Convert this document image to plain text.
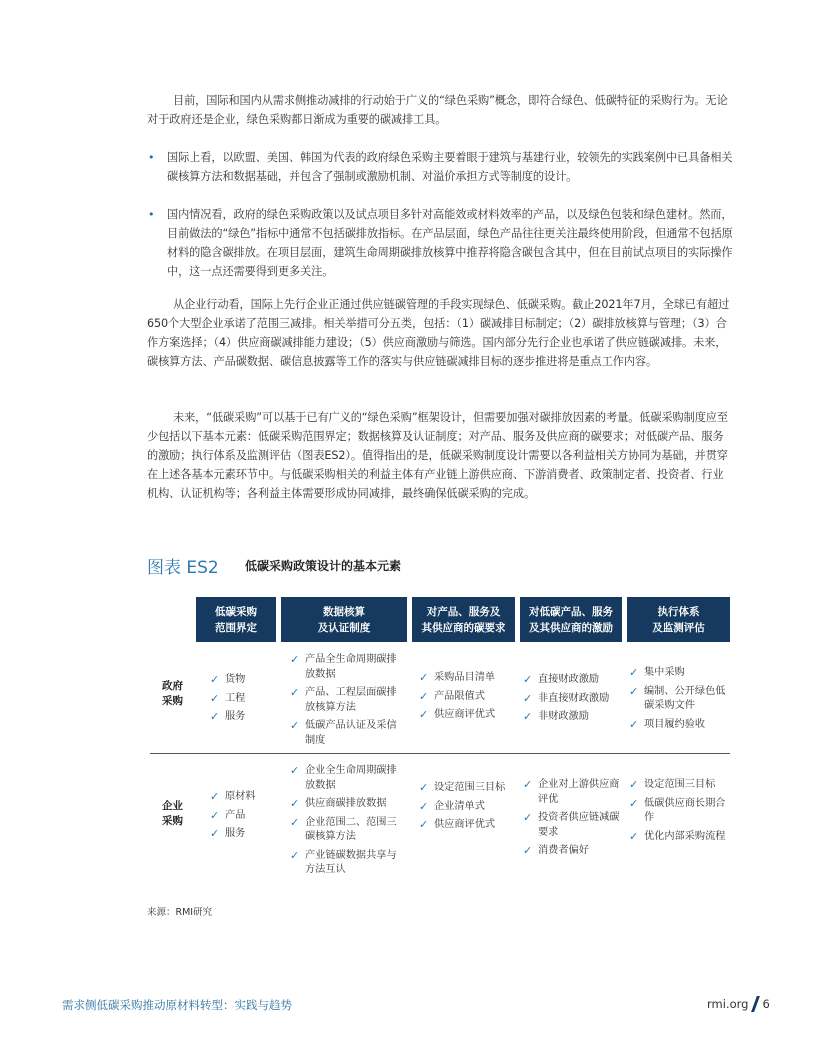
目前，国际和国内从需求侧推动减排的行动始于广义的“绿色采购”概念，即符合绿色、低碳特征的采购行为。无论对于政府还是企业，绿色采购都日渐成为重要的碳减排工具。

• 国际上看，以欧盟、美国、韩国为代表的政府绿色采购主要着眼于建筑与基建行业，较领先的实践案例中已具备相关碳核算方法和数据基础，并包含了强制或激励机制、对溢价承担方式等制度的设计。

• 国内情况看，政府的绿色采购政策以及试点项目多针对高能效或材料效率的产品，以及绿色包装和绿色建材。然而，目前做法的“绿色”指标中通常不包括碳排放指标。在产品层面，绿色产品往往更关注最终使用阶段，但通常不包括原材料的隐含碳排放。在项目层面，建筑生命周期碳排放核算中推荐将隐含碳包含其中，但在目前试点项目的实际操作中，这一点还需要得到更多关注。

从企业行动看，国际上先行企业正通过供应链碳管理的手段实现绿色、低碳采购。截止2021年7月，全球已有超过650个大型企业承诺了范围三减排。相关举措可分五类，包括：（1）碳减排目标制定；（2）碳排放核算与管理；（3）合作方案选择；（4）供应商碳减排能力建设；（5）供应商激励与筛选。国内部分先行企业也承诺了供应链碳减排。未来，碳核算方法、产品碳数据、碳信息披露等工作的落实与供应链碳减排目标的逐步推进将是重点工作内容。

未来，“低碳采购”可以基于已有广义的“绿色采购”框架设计，但需要加强对碳排放因素的考量。低碳采购制度应至少包括以下基本元素：低碳采购范围界定；数据核算及认证制度；对产品、服务及供应商的碳要求；对低碳产品、服务的激励；执行体系及监测评估（图表ES2）。值得指出的是，低碳采购制度设计需要以各利益相关方协同为基础，并贯穿在上述各基本元素环节中。与低碳采购相关的利益主体有产业链上游供应商、下游消费者、政策制定者、投资者、行业机构、认证机构等；各利益主体需要形成协同减排，最终确保低碳采购的完成。

图表 ES2 低碳采购政策设计的基本元素
低碳采购
范围界定
数据核算
及认证制度
对产品、服务及
其供应商的碳要求
对低碳产品、服务
及其供应商的激励
执行体系
及监测评估
政府
采购
✓ 货物
✓ 工程
✓ 服务
✓ 产品全生命周期碳排放数据
✓ 产品、工程层面碳排放核算方法
✓ 低碳产品认证及采信制度
✓ 采购品目清单
✓ 产品限值式
✓ 供应商评优式
✓ 直接财政激励
✓ 非直接财政激励
✓ 非财政激励
✓ 集中采购
✓ 编制、公开绿色低碳采购文件
✓ 项目履约验收
企业
采购
✓ 原材料
✓ 产品
✓ 服务
✓ 企业全生命周期碳排放数据
✓ 供应商碳排放数据
✓ 企业范围二、范围三碳核算方法
✓ 产业链碳数据共享与方法互认
✓ 设定范围三目标
✓ 企业清单式
✓ 供应商评优式
✓ 企业对上游供应商评优
✓ 投资者供应链减碳要求
✓ 消费者偏好
✓ 设定范围三目标
✓ 低碳供应商长期合作
✓ 优化内部采购流程
来源：RMI研究
需求侧低碳采购推动原材料转型：实践与趋势	rmi.org 6
